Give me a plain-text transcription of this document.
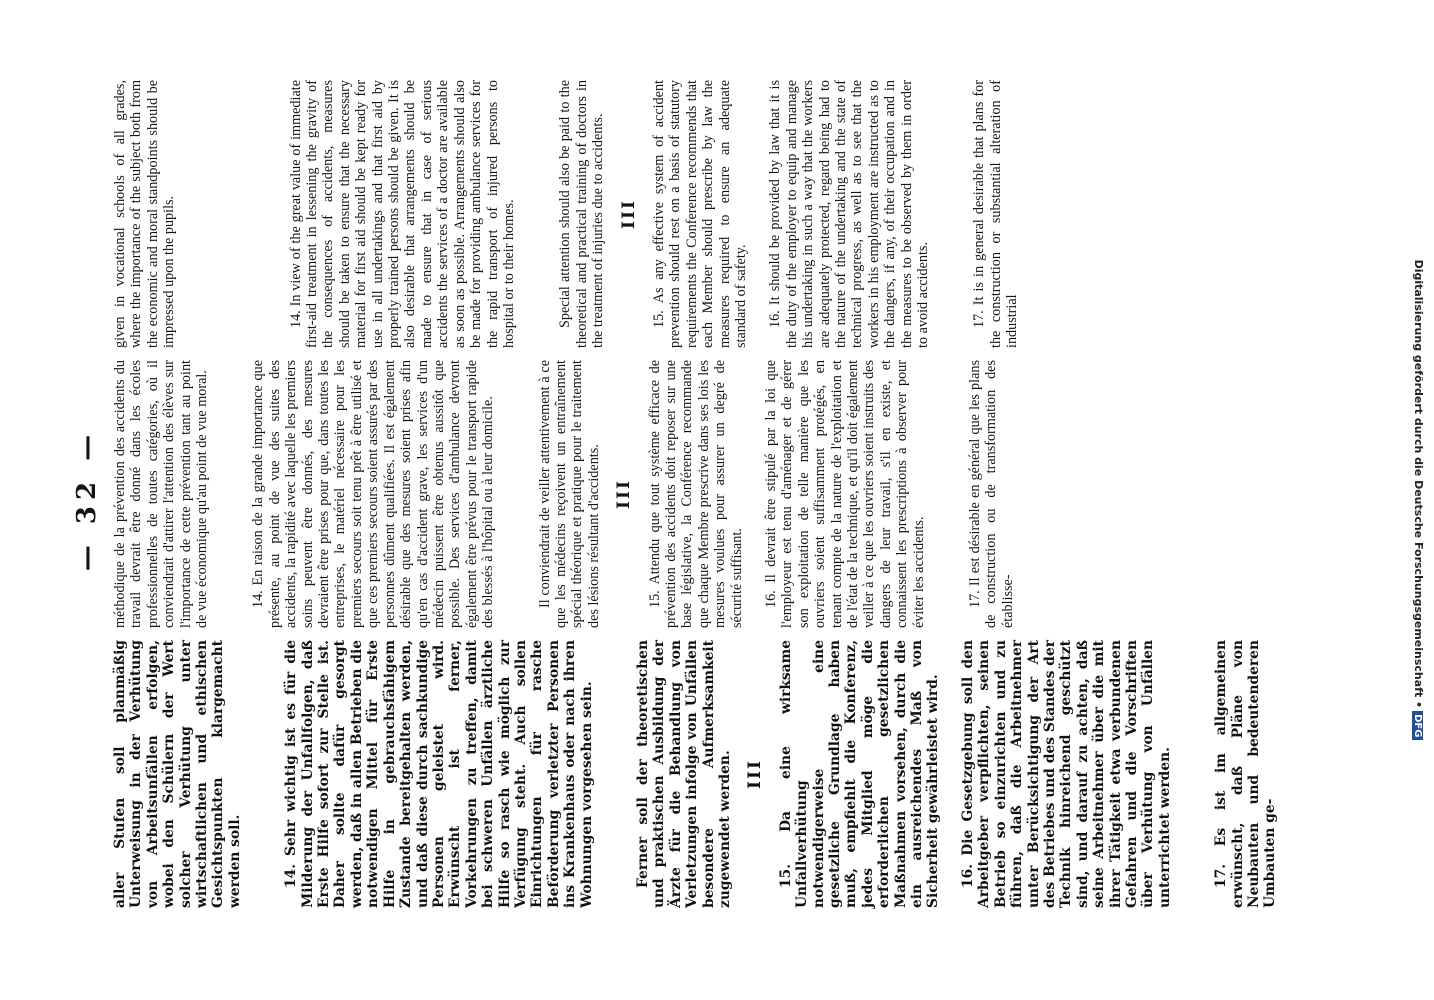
— 32 —

aller Stufen soll planmäßig Unterweisung in der Verhütung von Arbeitsunfällen erfolgen, wobei den Schülern der Wert solcher Verhütung unter wirtschaftlichen und ethischen Gesichtspunkten klargemacht werden soll.	14. Sehr wichtig ist es für die Milderung der Unfallfolgen, daß Erste Hilfe sofort zur Stelle ist. Daher sollte dafür gesorgt werden, daß in allen Betrieben die notwendigen Mittel für Erste Hilfe in gebrauchsfähigem Zustande bereitgehalten werden, und daß diese durch sachkundige Personen geleistet wird. Erwünscht ist ferner, Vorkehrungen zu treffen, damit bei schweren Unfällen ärztliche Hilfe so rasch wie möglich zur Verfügung steht. Auch sollen Einrichtungen für rasche Beförderung verletzter Personen ins Krankenhaus oder nach ihren Wohnungen vorgesehen sein.	Ferner soll der theoretischen und praktischen Ausbildung der Ärzte für die Behandlung von Verletzungen infolge von Unfällen besondere Aufmerksamkeit zugewendet werden. III 15. Da eine wirksame Unfallverhütung notwendigerweise eine gesetzliche Grundlage haben muß, empfiehlt die Konferenz, jedes Mitglied möge die erforderlichen gesetzlichen Maßnahmen vorsehen, durch die ein ausreichendes Maß von Sicherheit gewährleistet wird. 16. Die Gesetzgebung soll den Arbeitgeber verpflichten, seinen Betrieb so einzurichten und zu führen, daß die Arbeitnehmer unter Berücksichtigung der Art des Betriebes und des Standes der Technik hinreichend geschützt sind, und darauf zu achten, daß seine Arbeitnehmer über die mit ihrer Tätigkeit etwa verbundenen Gefahren und die Vorschriften über Verhütung von Unfällen unterrichtet werden.	17. Es ist im allgemeinen erwünscht, daß Pläne von Neubauten und bedeutenderen Umbauten ge-

méthodique de la prévention des accidents du travail devrait être donné dans les écoles professionnelles de toutes catégories, où il conviendrait d'attirer l'attention des élèves sur l'importance de cette prévention tant au point de vue économique qu'au point de vue moral.	14. En raison de la grande importance que présente, au point de vue des suites des accidents, la rapidité avec laquelle les premiers soins peuvent être donnés, des mesures devraient être prises pour que, dans toutes les entreprises, le matériel nécessaire pour les premiers secours soit tenu prêt à être utilisé et que ces premiers secours soient assurés par des personnes dûment qualifiées. Il est également désirable que des mesures soient prises afin qu'en cas d'accident grave, les services d'un médecin puissent être obtenus aussitôt que possible. Des services d'ambulance devront également être prévus pour le transport rapide des blessés à l'hôpital ou à leur domicile.	Il conviendrait de veiller attentivement à ce que les médecins reçoivent un entraînement spécial théorique et pratique pour le traitement des lésions résultant d'accidents. III 15. Attendu que tout système efficace de prévention des accidents doit reposer sur une base législative, la Conférence recommande que chaque Membre prescrive dans ses lois les mesures voulues pour assurer un degré de sécurité suffisant. 16. Il devrait être stipulé par la loi que l'employeur est tenu d'aménager et de gérer son exploitation de telle manière que les ouvriers soient suffisamment protégés, en tenant compte de la nature de l'exploitation et de l'état de la technique, et qu'il doit également veiller à ce que les ouvriers soient instruits des dangers de leur travail, s'il en existe, et connaissent les prescriptions à observer pour éviter les accidents.	17. Il est désirable en général que les plans de construction ou de transformation des établisse-

given in vocational schools of all grades, where the importance of the subject both from the economic and moral standpoints should be impressed upon the pupils.	14. In view of the great value of immediate first-aid treatment in lessening the gravity of the consequences of accidents, measures should be taken to ensure that the necessary material for first aid should be kept ready for use in all undertakings and that first aid by properly trained persons should be given. It is also desirable that arrangements should be made to ensure that in case of serious accidents the services of a doctor are available as soon as possible. Arrangements should also be made for providing ambulance services for the rapid transport of injured persons to hospital or to their homes.	Special attention should also be paid to the theoretical and practical training of doctors in the treatment of injuries due to accidents. III 15. As any effective system of accident prevention should rest on a basis of statutory requirements the Conference recommends that each Member should prescribe by law the measures required to ensure an adequate standard of safety. 16. It should be provided by law that it is the duty of the employer to equip and manage his undertaking in such a way that the workers are adequately protected, regard being had to the nature of the undertaking and the state of technical progress, as well as to see that the workers in his employment are instructed as to the dangers, if any, of their occupation and in the measures to be observed by them in order to avoid accidents.	17. It is in general desirable that plans for the construction or substantial alteration of industrial	Digitalisierung gefördert durch die Deutsche Forschungsgemeinschaft •DFG
